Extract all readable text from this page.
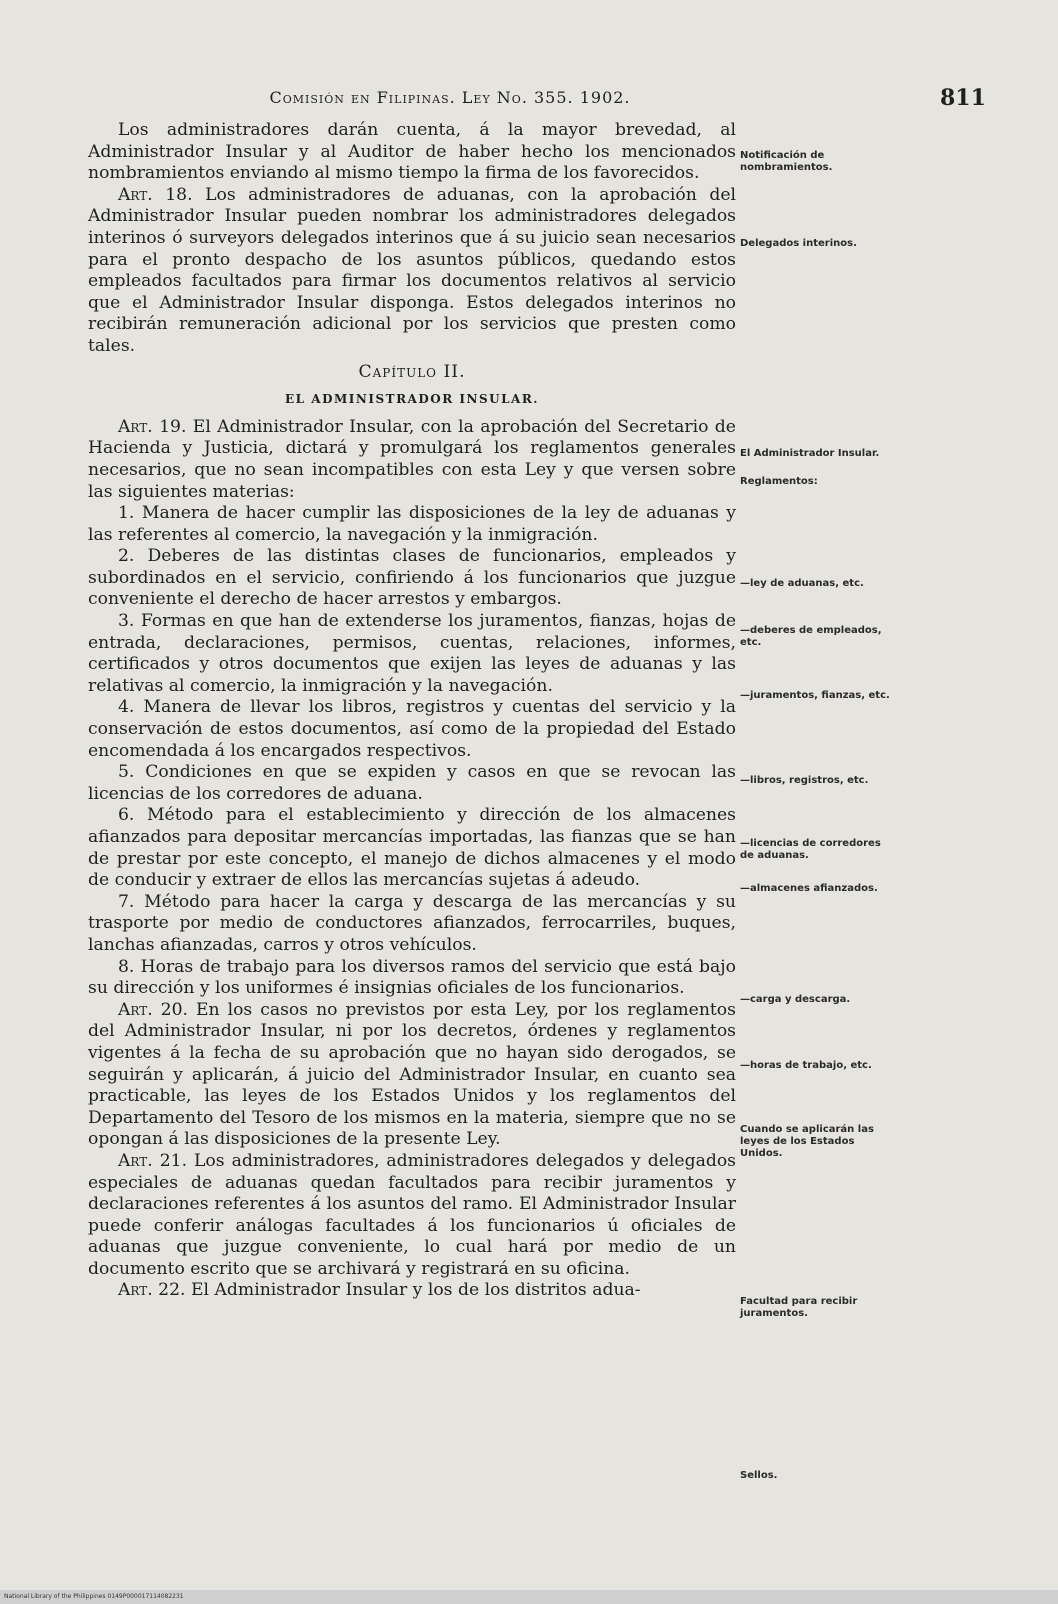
Comisión en Filipinas. Ley No. 355. 1902.	811

Los administradores darán cuenta, á la mayor brevedad, al Administrador Insular y al Auditor de haber hecho los mencionados nombramientos enviando al mismo tiempo la firma de los favorecidos.

Art. 18. Los administradores de aduanas, con la aprobación del Administrador Insular pueden nombrar los administradores delegados interinos ó surveyors delegados interinos que á su juicio sean necesarios para el pronto despacho de los asuntos públicos, quedando estos empleados facultados para firmar los documentos relativos al servicio que el Administrador Insular disponga. Estos delegados interinos no recibirán remuneración adicional por los servicios que presten como tales.

Capítulo II.
EL ADMINISTRADOR INSULAR.

Art. 19. El Administrador Insular, con la aprobación del Secretario de Hacienda y Justicia, dictará y promulgará los reglamentos generales necesarios, que no sean incompatibles con esta Ley y que versen sobre las siguientes materias:

1. Manera de hacer cumplir las disposiciones de la ley de aduanas y las referentes al comercio, la navegación y la inmigración.

2. Deberes de las distintas clases de funcionarios, empleados y subordinados en el servicio, confiriendo á los funcionarios que juzgue conveniente el derecho de hacer arrestos y embargos.

3. Formas en que han de extenderse los juramentos, fianzas, hojas de entrada, declaraciones, permisos, cuentas, relaciones, informes, certificados y otros documentos que exijen las leyes de aduanas y las relativas al comercio, la inmigración y la navegación.

4. Manera de llevar los libros, registros y cuentas del servicio y la conservación de estos documentos, así como de la propiedad del Estado encomendada á los encargados respectivos.

5. Condiciones en que se expiden y casos en que se revocan las licencias de los corredores de aduana.

6. Método para el establecimiento y dirección de los almacenes afianzados para depositar mercancías importadas, las fianzas que se han de prestar por este concepto, el manejo de dichos almacenes y el modo de conducir y extraer de ellos las mercancías sujetas á adeudo.

7. Método para hacer la carga y descarga de las mercancías y su trasporte por medio de conductores afianzados, ferrocarriles, buques, lanchas afianzadas, carros y otros vehículos.

8. Horas de trabajo para los diversos ramos del servicio que está bajo su dirección y los uniformes é insignias oficiales de los funcionarios.

Art. 20. En los casos no previstos por esta Ley, por los reglamentos del Administrador Insular, ni por los decretos, órdenes y reglamentos vigentes á la fecha de su aprobación que no hayan sido derogados, se seguirán y aplicarán, á juicio del Administrador Insular, en cuanto sea practicable, las leyes de los Estados Unidos y los reglamentos del Departamento del Tesoro de los mismos en la materia, siempre que no se opongan á las disposiciones de la presente Ley.

Art. 21. Los administradores, administradores delegados y delegados especiales de aduanas quedan facultados para recibir juramentos y declaraciones referentes á los asuntos del ramo. El Administrador Insular puede conferir análogas facultades á los funcionarios ú oficiales de aduanas que juzgue conveniente, lo cual hará por medio de un documento escrito que se archivará y registrará en su oficina.

Art. 22. El Administrador Insular y los de los distritos adua-

Notificación de nombramientos.
Delegados interinos.
El Administrador Insular.
Reglamentos:
—ley de aduanas, etc.
—deberes de empleados, etc.
—juramentos, fianzas, etc.
—libros, registros, etc.
—licencias de corredores de aduanas.
—almacenes afianzados.
—carga y descarga.
—horas de trabajo, etc.
Cuando se aplicarán las leyes de los Estados Unidos.
Facultad para recibir juramentos.
Sellos.
National Library of the Philippines 0149P000017114082231
